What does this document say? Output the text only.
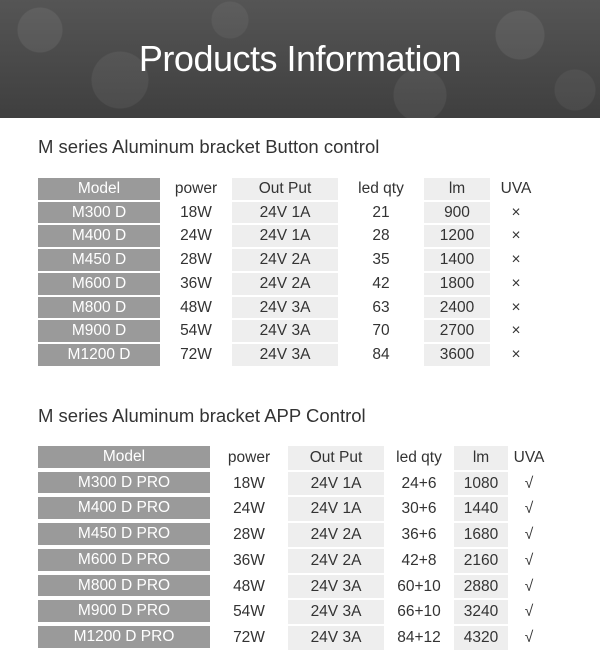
Products Information
M series Aluminum bracket Button control
Model	power	Out Put	led qty	lm	UVA
M300 D	18W	24V 1A	21	900	×
M400 D	24W	24V 1A	28	1200	×
M450 D	28W	24V 2A	35	1400	×
M600 D	36W	24V 2A	42	1800	×
M800 D	48W	24V 3A	63	2400	×
M900 D	54W	24V 3A	70	2700	×
M1200 D	72W	24V 3A	84	3600	×
M series Aluminum bracket APP Control
Model	power	Out Put	led qty	lm	UVA
M300 D PRO	18W	24V 1A	24+6	1080	√
M400 D PRO	24W	24V 1A	30+6	1440	√
M450 D PRO	28W	24V 2A	36+6	1680	√
M600 D PRO	36W	24V 2A	42+8	2160	√
M800 D PRO	48W	24V 3A	60+10	2880	√
M900 D PRO	54W	24V 3A	66+10	3240	√
M1200 D PRO	72W	24V 3A	84+12	4320	√
